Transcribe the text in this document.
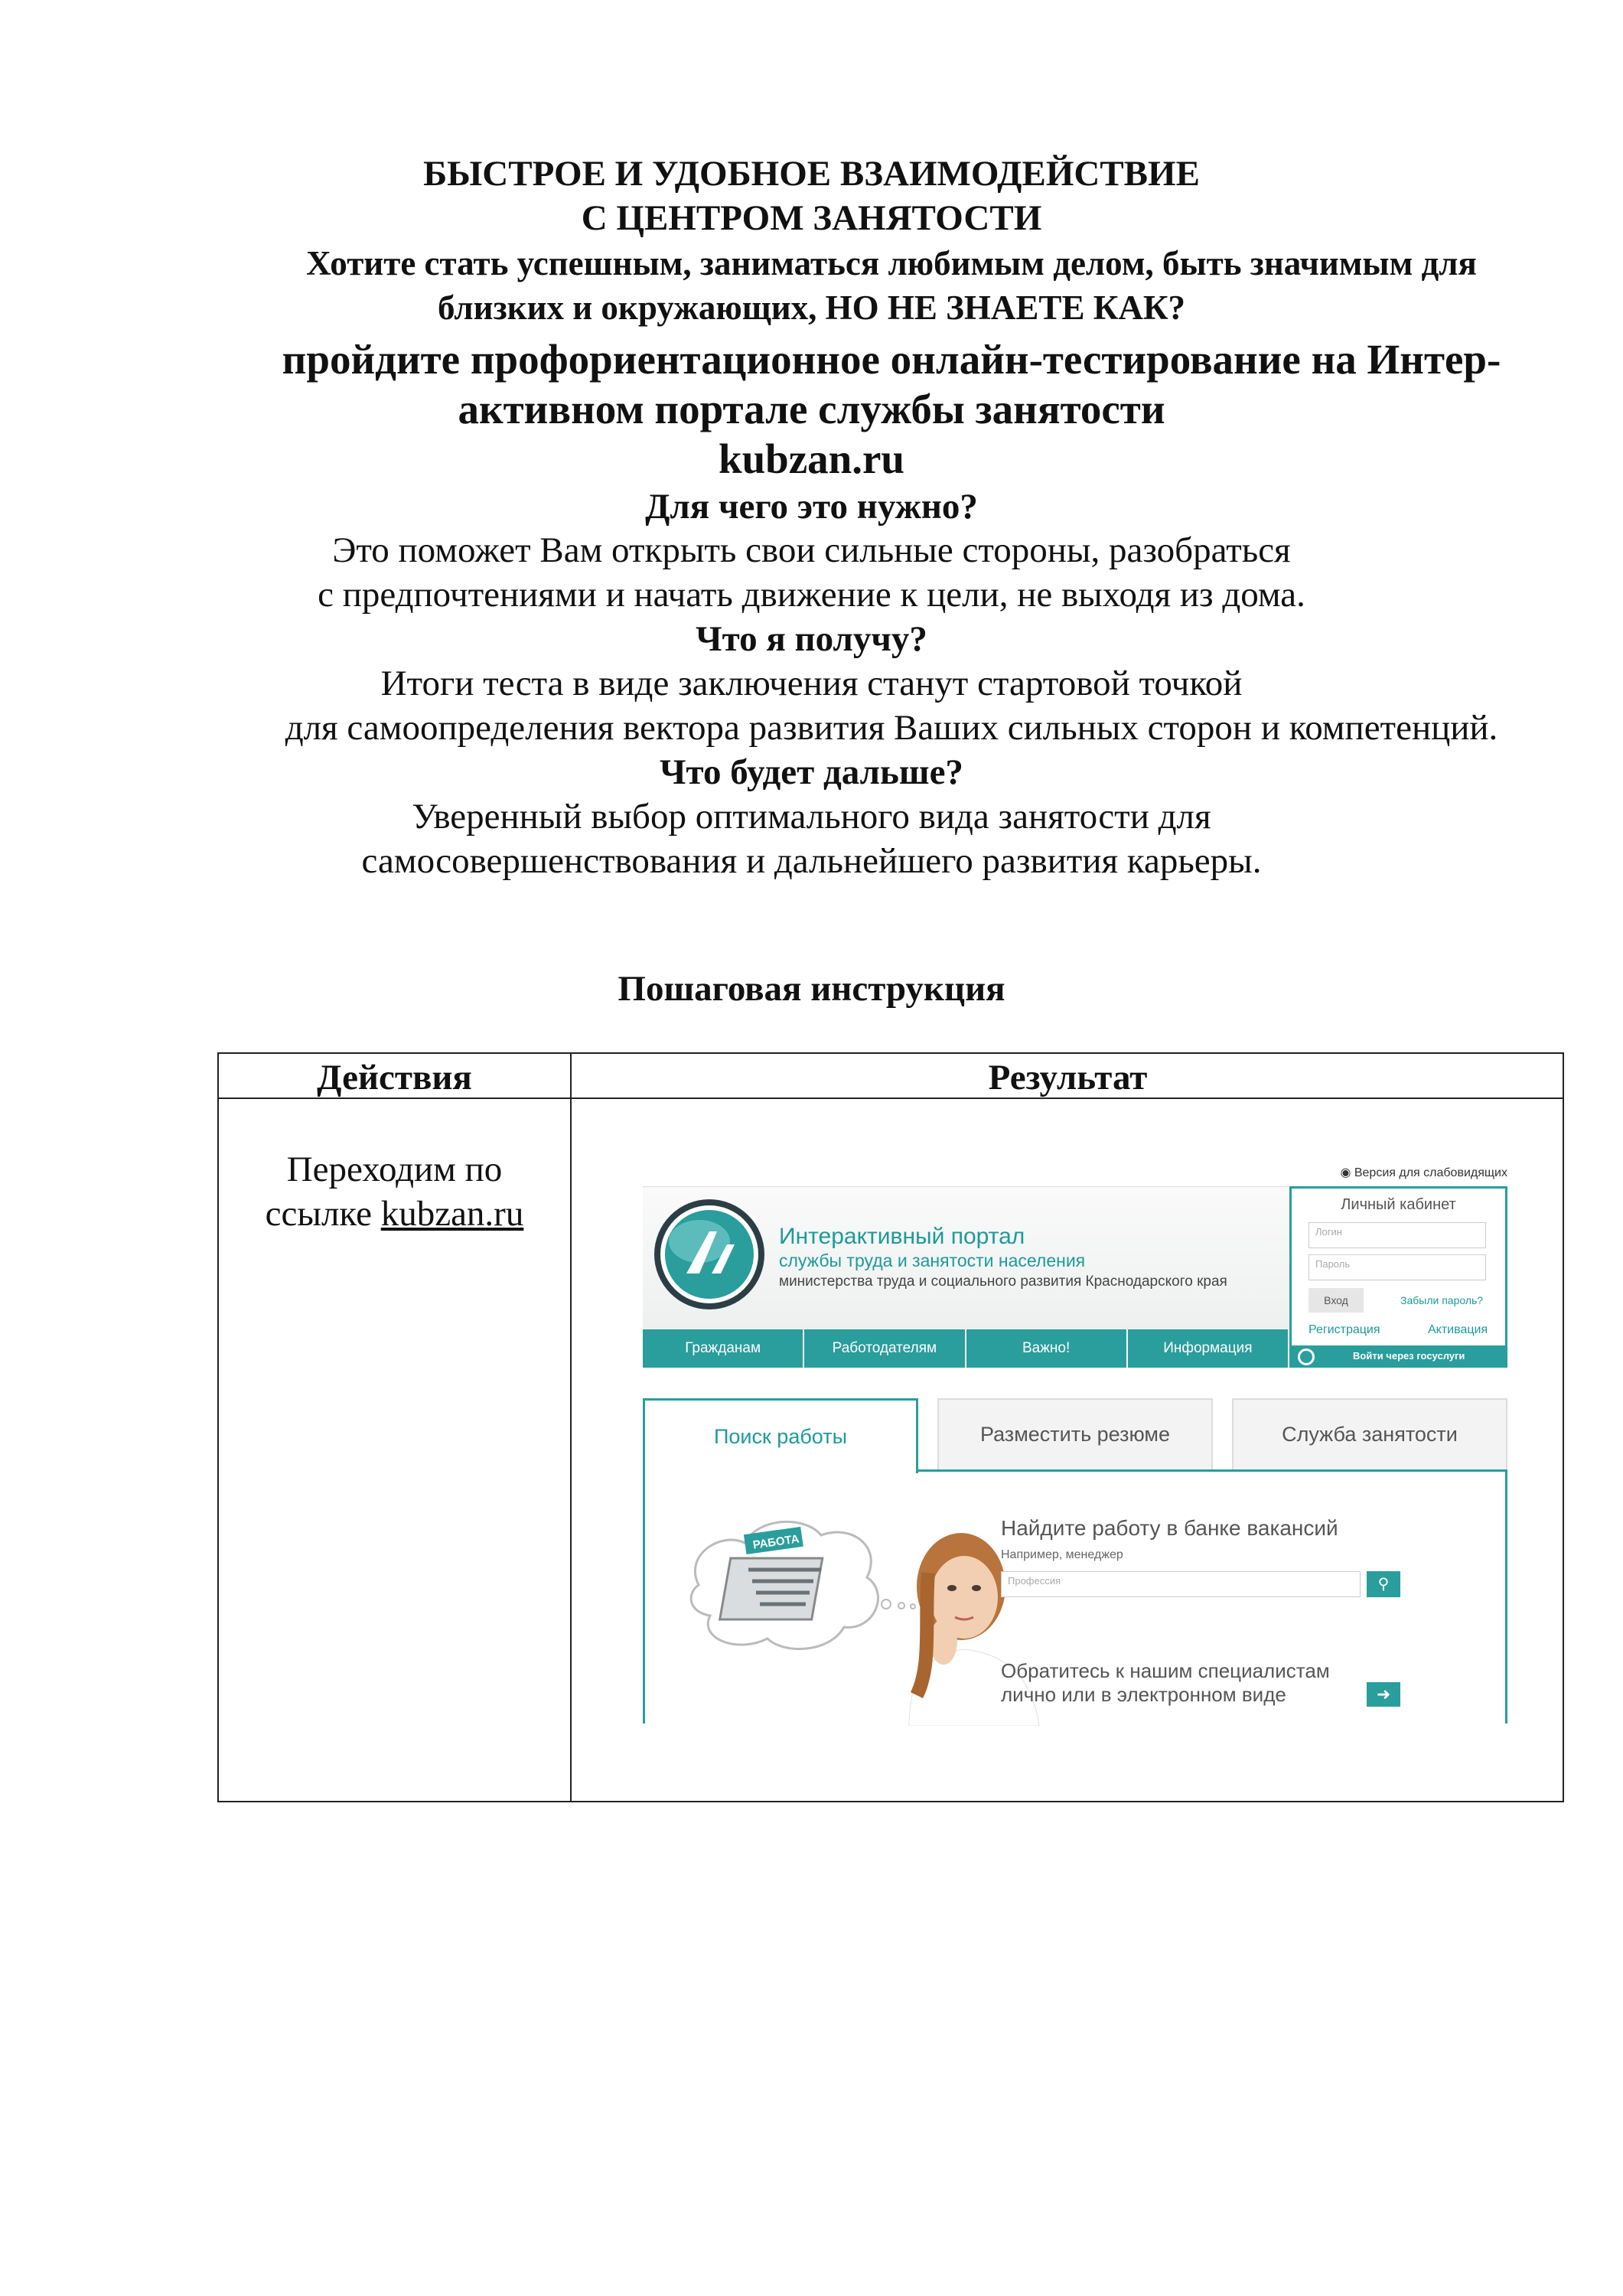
БЫСТРОЕ И УДОБНОЕ ВЗАИМОДЕЙСТВИЕ
С ЦЕНТРОМ ЗАНЯТОСТИ
Хотите стать успешным, заниматься любимым делом, быть значимым для
близких и окружающих, НО НЕ ЗНАЕТЕ КАК?
пройдите профориентационное онлайн-тестирование на Интер-
активном портале службы занятости
kubzan.ru
Для чего это нужно?
Это поможет Вам открыть свои сильные стороны, разобраться
с предпочтениями и начать движение к цели, не выходя из дома.
Что я получу?
Итоги теста в виде заключения станут стартовой точкой
для самоопределения вектора развития Ваших сильных сторон и компетенций.
Что будет дальше?
Уверенный выбор оптимального вида занятости для
самосовершенствования и дальнейшего развития карьеры.
Пошаговая инструкция
Действия	Результат
Переходим по
ссылке kubzan.ru
◉ Версия для слабовидящих
Интерактивный портал
службы труда и занятости населения
министерства труда и социального развития Краснодарского края
Гражданам	Работодателям	Важно!	Информация
Личный кабинет
Логин
Пароль
Вход	Забыли пароль?
Регистрация	Активация
Войти через госуслуги
Поиск работы	Разместить резюме	Служба занятости
РАБОТА
Найдите работу в банке вакансий
Например, менеджер
Профессия	⚲
Обратитесь к нашим специалистам
лично или в электронном виде	➜
